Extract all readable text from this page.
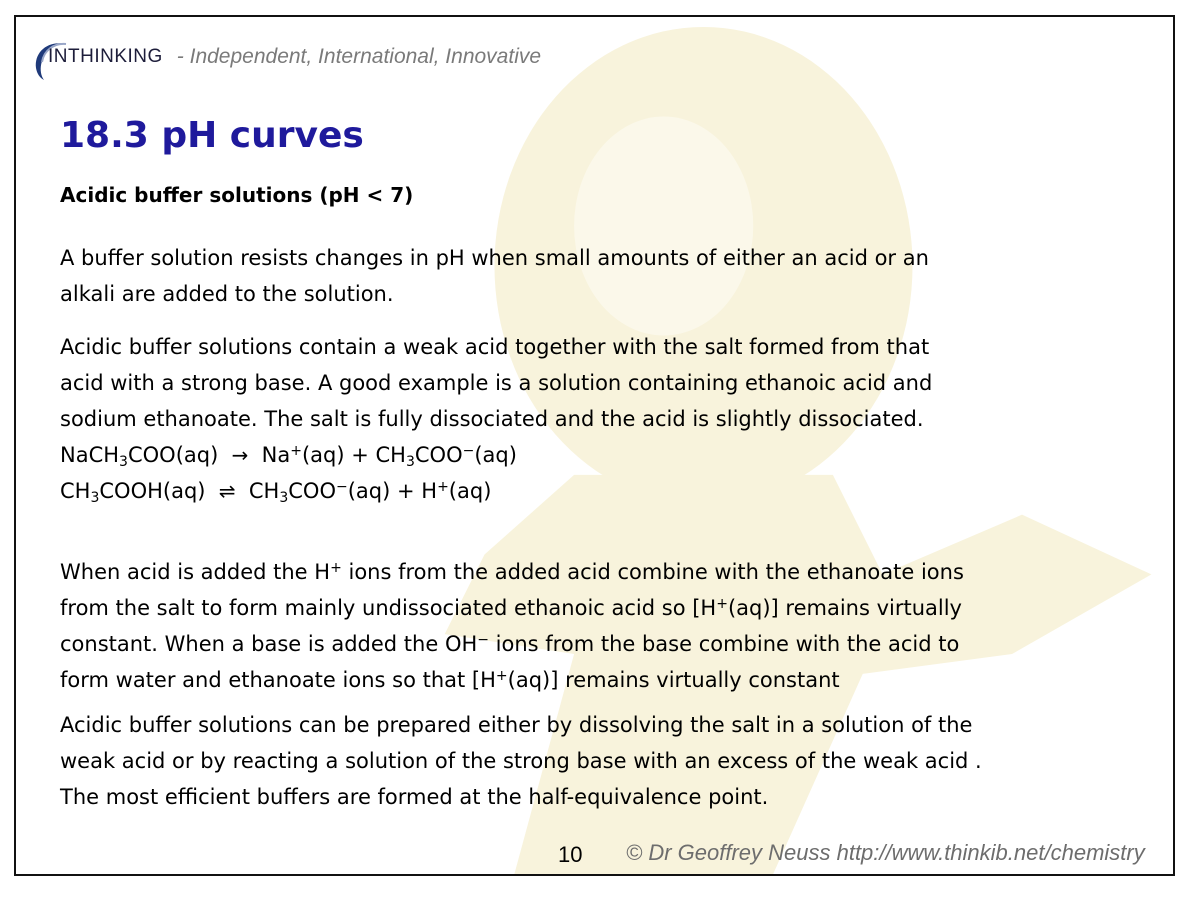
INTHINKING - Independent, International, Innovative
18.3 pH curves
Acidic buffer solutions (pH < 7)
A buffer solution resists changes in pH when small amounts of either an acid or an
alkali are added to the solution.
Acidic buffer solutions contain a weak acid together with the salt formed from that
acid with a strong base. A good example is a solution containing ethanoic acid and
sodium ethanoate. The salt is fully dissociated and the acid is slightly dissociated.
NaCH$_3$COO(aq) → $Na^+(aq) + CH_3COO^-(aq)$
$CH_3COOH(aq)$ ⇌ $CH_3COO^-(aq) + H^+(aq)$
When acid is added the H+ ions from the added acid combine with the ethanoate ions
from the salt to form mainly undissociated ethanoic acid so [H+(aq)] remains virtually
constant. When a base is added the OH− ions from the base combine with the acid to
form water and ethanoate ions so that [H+(aq)] remains virtually constant
Acidic buffer solutions can be prepared either by dissolving the salt in a solution of the
weak acid or by reacting a solution of the strong base with an excess of the weak acid .
The most efficient buffers are formed at the half-equivalence point.
10 © Dr Geoffrey Neuss http://www.thinkib.net/chemistry
